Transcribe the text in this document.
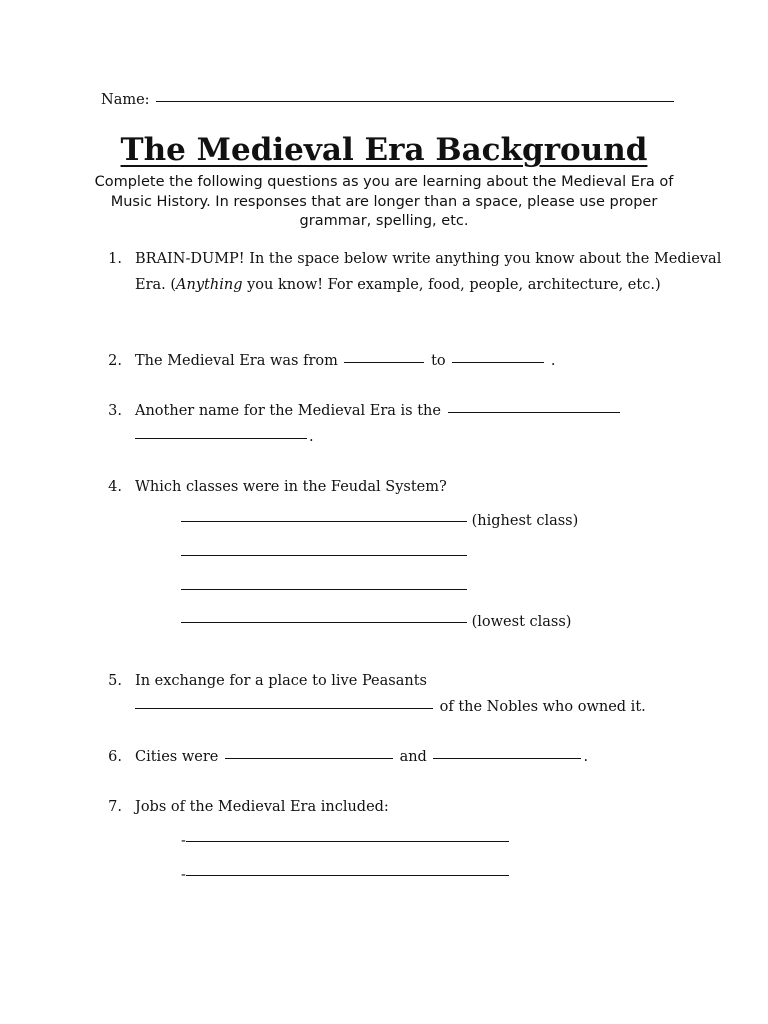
Name:
The Medieval Era Background
Complete the following questions as you are learning about the Medieval Era of Music History. In responses that are longer than a space, please use proper grammar, spelling, etc.
1. BRAIN-DUMP! In the space below write anything you know about the Medieval
Era. (Anything you know! For example, food, people, architecture, etc.)
2. The Medieval Era was from	to	.
3. Another name for the Medieval Era is the
.
4. Which classes were in the Feudal System?
(highest class)
(lowest class)
5. In exchange for a place to live Peasants
of the Nobles who owned it.
6. Cities were	and	.
7. Jobs of the Medieval Era included:
-
-
